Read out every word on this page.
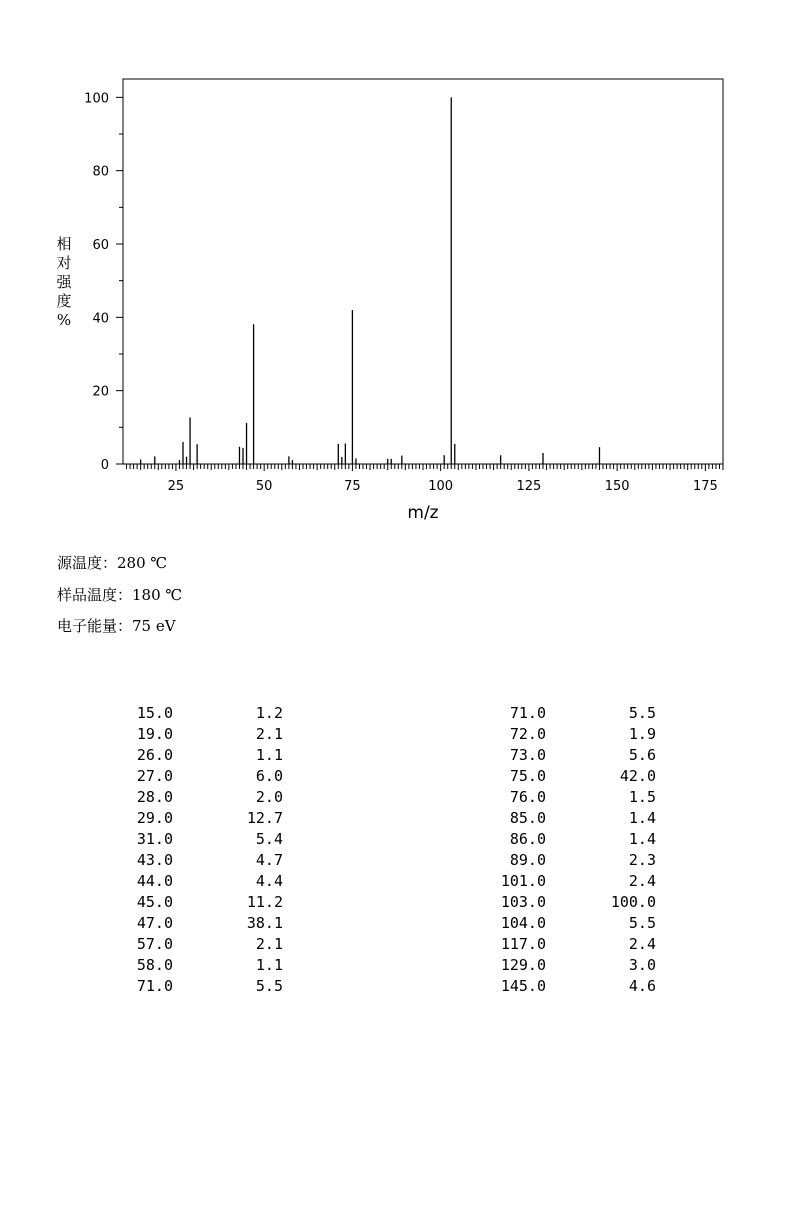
0
20
40
60
80
100
25	50	75	100	125	150	175
m/z
相对强度%
源温度：280 ℃
样品温度：180 ℃
电子能量：75 eV
15.0	1.2
19.0	2.1
26.0	1.1
27.0	6.0
28.0	2.0
29.0	12.7
31.0	5.4
43.0	4.7
44.0	4.4
45.0	11.2
47.0	38.1
57.0	2.1
58.0	1.1
71.0	5.5
71.0	5.5
72.0	1.9
73.0	5.6
75.0	42.0
76.0	1.5
85.0	1.4
86.0	1.4
89.0	2.3
101.0	2.4
103.0	100.0
104.0	5.5
117.0	2.4
129.0	3.0
145.0	4.6
